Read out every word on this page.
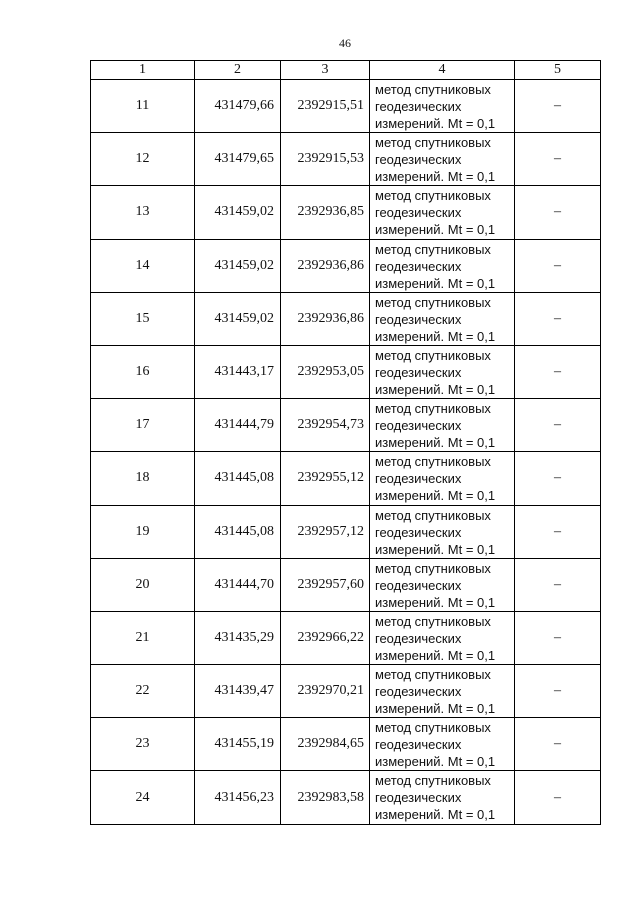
46
1	2	3	4	5
11	431479,66	2392915,51	метод спутниковых
геодезических
измерений. Mt = 0,1	–
12	431479,65	2392915,53	метод спутниковых
геодезических
измерений. Mt = 0,1	–
13	431459,02	2392936,85	метод спутниковых
геодезических
измерений. Mt = 0,1	–
14	431459,02	2392936,86	метод спутниковых
геодезических
измерений. Mt = 0,1	–
15	431459,02	2392936,86	метод спутниковых
геодезических
измерений. Mt = 0,1	–
16	431443,17	2392953,05	метод спутниковых
геодезических
измерений. Mt = 0,1	–
17	431444,79	2392954,73	метод спутниковых
геодезических
измерений. Mt = 0,1	–
18	431445,08	2392955,12	метод спутниковых
геодезических
измерений. Mt = 0,1	–
19	431445,08	2392957,12	метод спутниковых
геодезических
измерений. Mt = 0,1	–
20	431444,70	2392957,60	метод спутниковых
геодезических
измерений. Mt = 0,1	–
21	431435,29	2392966,22	метод спутниковых
геодезических
измерений. Mt = 0,1	–
22	431439,47	2392970,21	метод спутниковых
геодезических
измерений. Mt = 0,1	–
23	431455,19	2392984,65	метод спутниковых
геодезических
измерений. Mt = 0,1	–
24	431456,23	2392983,58	метод спутниковых
геодезических
измерений. Mt = 0,1	–
